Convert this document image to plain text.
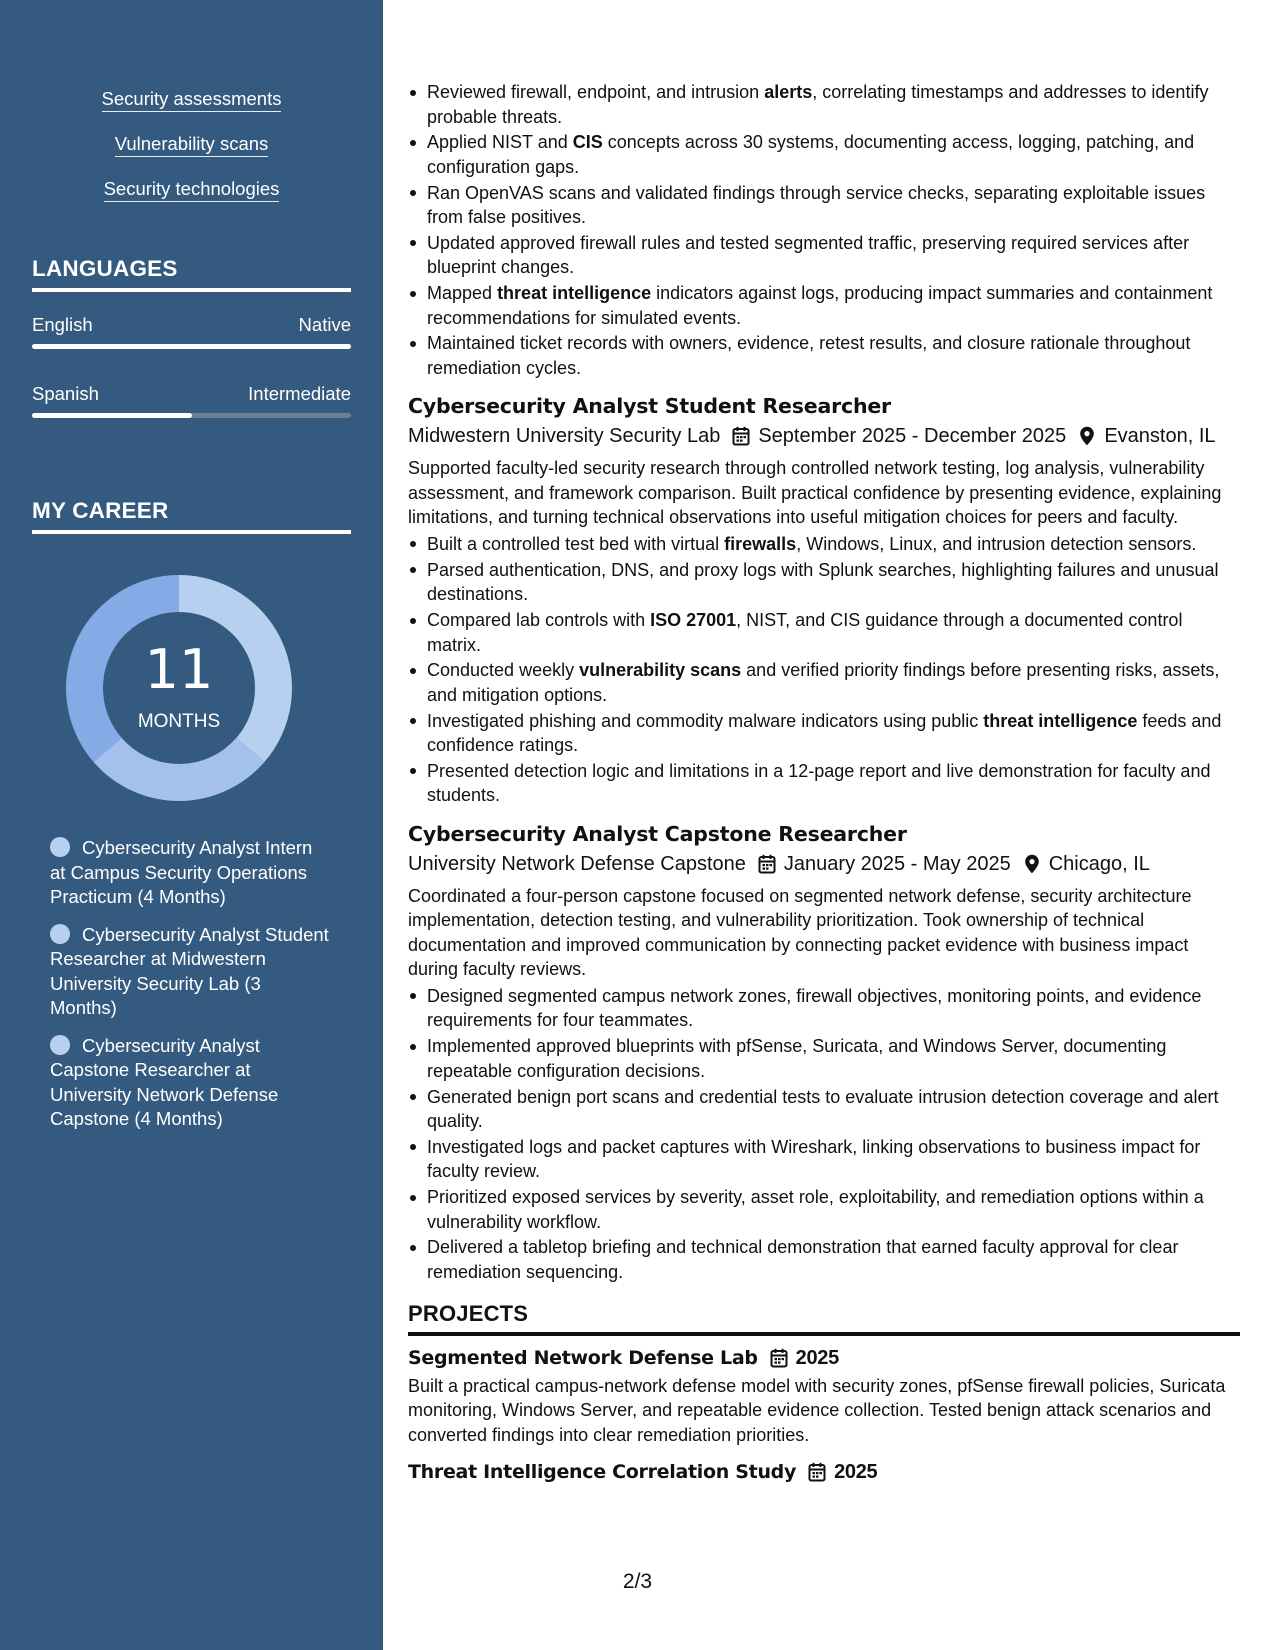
Security assessments
Vulnerability scans
Security technologies
LANGUAGES
English	Native
Spanish	Intermediate
MY CAREER
11
MONTHS
Cybersecurity Analyst Intern at Campus Security Operations Practicum (4 Months)
Cybersecurity Analyst Student Researcher at Midwestern University Security Lab (3 Months)
Cybersecurity Analyst Capstone Researcher at University Network Defense Capstone (4 Months)
Reviewed firewall, endpoint, and intrusion alerts, correlating timestamps and addresses to identify probable threats.
Applied NIST and CIS concepts across 30 systems, documenting access, logging, patching, and configuration gaps.
Ran OpenVAS scans and validated findings through service checks, separating exploitable issues from false positives.
Updated approved firewall rules and tested segmented traffic, preserving required services after blueprint changes.
Mapped threat intelligence indicators against logs, producing impact summaries and containment recommendations for simulated events.
Maintained ticket records with owners, evidence, retest results, and closure rationale throughout remediation cycles.
Cybersecurity Analyst Student Researcher
Midwestern University Security Lab September 2025 - December 2025 Evanston, IL
Supported faculty-led security research through controlled network testing, log analysis, vulnerability assessment, and framework comparison. Built practical confidence by presenting evidence, explaining limitations, and turning technical observations into useful mitigation choices for peers and faculty.
Built a controlled test bed with virtual firewalls, Windows, Linux, and intrusion detection sensors.
Parsed authentication, DNS, and proxy logs with Splunk searches, highlighting failures and unusual destinations.
Compared lab controls with ISO 27001, NIST, and CIS guidance through a documented control matrix.
Conducted weekly vulnerability scans and verified priority findings before presenting risks, assets, and mitigation options.
Investigated phishing and commodity malware indicators using public threat intelligence feeds and confidence ratings.
Presented detection logic and limitations in a 12-page report and live demonstration for faculty and students.
Cybersecurity Analyst Capstone Researcher
University Network Defense Capstone January 2025 - May 2025 Chicago, IL
Coordinated a four-person capstone focused on segmented network defense, security architecture implementation, detection testing, and vulnerability prioritization. Took ownership of technical documentation and improved communication by connecting packet evidence with business impact during faculty reviews.
Designed segmented campus network zones, firewall objectives, monitoring points, and evidence requirements for four teammates.
Implemented approved blueprints with pfSense, Suricata, and Windows Server, documenting repeatable configuration decisions.
Generated benign port scans and credential tests to evaluate intrusion detection coverage and alert quality.
Investigated logs and packet captures with Wireshark, linking observations to business impact for faculty review.
Prioritized exposed services by severity, asset role, exploitability, and remediation options within a vulnerability workflow.
Delivered a tabletop briefing and technical demonstration that earned faculty approval for clear remediation sequencing.
PROJECTS
Segmented Network Defense Lab 2025
Built a practical campus-network defense model with security zones, pfSense firewall policies, Suricata monitoring, Windows Server, and repeatable evidence collection. Tested benign attack scenarios and converted findings into clear remediation priorities.
Threat Intelligence Correlation Study 2025
2/3
